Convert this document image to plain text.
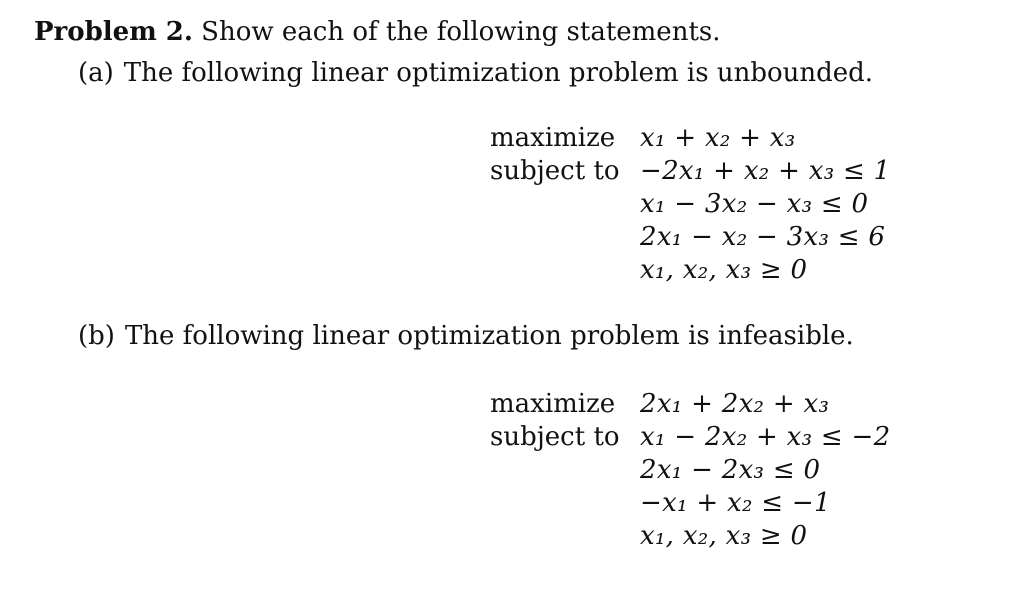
Problem 2. Show each of the following statements.
(a) The following linear optimization problem is unbounded.
maximize x₁ + x₂ + x₃
subject to −2x₁ + x₂ + x₃ ≤ 1
x₁ − 3x₂ − x₃ ≤ 0
2x₁ − x₂ − 3x₃ ≤ 6
x₁, x₂, x₃ ≥ 0
(b) The following linear optimization problem is infeasible.
maximize 2x₁ + 2x₂ + x₃
subject to x₁ − 2x₂ + x₃ ≤ −2
2x₁ − 2x₃ ≤ 0
−x₁ + x₂ ≤ −1
x₁, x₂, x₃ ≥ 0
